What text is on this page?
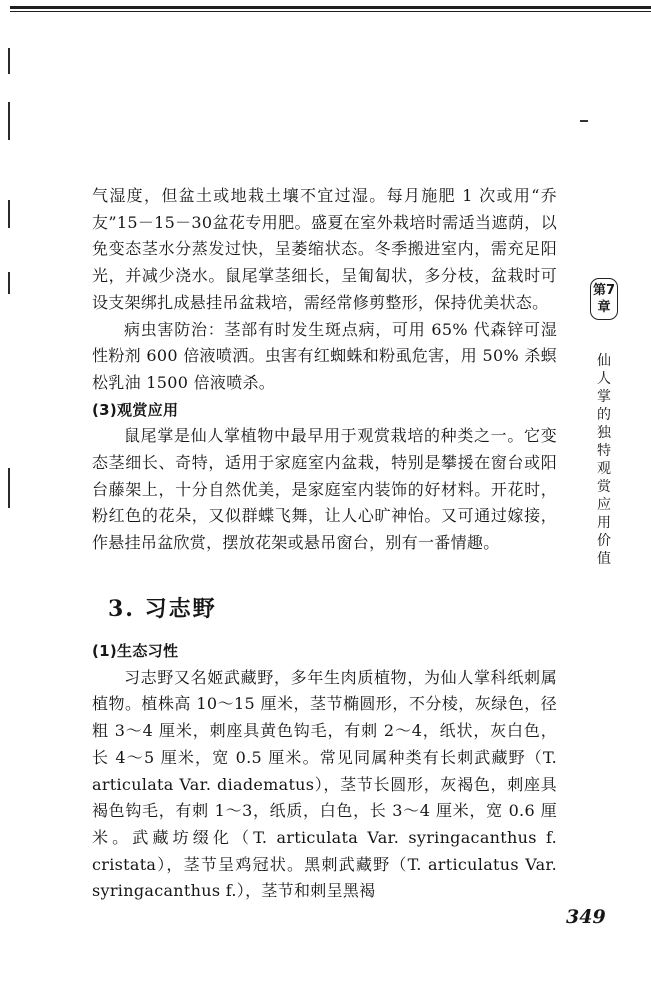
气湿度，但盆土或地栽土壤不宜过湿。每月施肥 1 次或用“乔友”15－15－30盆花专用肥。盛夏在室外栽培时需适当遮荫，以免变态茎水分蒸发过快，呈萎缩状态。冬季搬进室内，需充足阳光，并减少浇水。鼠尾掌茎细长，呈匍匐状，多分枝，盆栽时可设支架绑扎成悬挂吊盆栽培，需经常修剪整形，保持优美状态。

病虫害防治：茎部有时发生斑点病，可用 65% 代森锌可湿性粉剂 600 倍液喷洒。虫害有红蜘蛛和粉虱危害，用 50% 杀螟松乳油 1500 倍液喷杀。

(3)观赏应用

鼠尾掌是仙人掌植物中最早用于观赏栽培的种类之一。它变态茎细长、奇特，适用于家庭室内盆栽，特别是攀援在窗台或阳台藤架上，十分自然优美，是家庭室内装饰的好材料。开花时，粉红色的花朵，又似群蝶飞舞，让人心旷神怡。又可通过嫁接，作悬挂吊盆欣赏，摆放花架或悬吊窗台，别有一番情趣。

3. 习志野

(1)生态习性

习志野又名姬武藏野，多年生肉质植物，为仙人掌科纸刺属植物。植株高 10～15 厘米，茎节椭圆形，不分棱，灰绿色，径粗 3～4 厘米，刺座具黄色钩毛，有刺 2～4，纸状，灰白色，长 4～5 厘米，宽 0.5 厘米。常见同属种类有长刺武藏野（T. articulata Var. diadematus），茎节长圆形，灰褐色，刺座具褐色钩毛，有刺 1～3，纸质，白色，长 3～4 厘米，宽 0.6 厘米。武藏坊缀化（T. articulata Var. syringacanthus f. cristata），茎节呈鸡冠状。黑刺武藏野（T. articulatus Var. syringacanthus f.），茎节和刺呈黑褐

第7章
仙人掌的独特观赏应用价值
349
